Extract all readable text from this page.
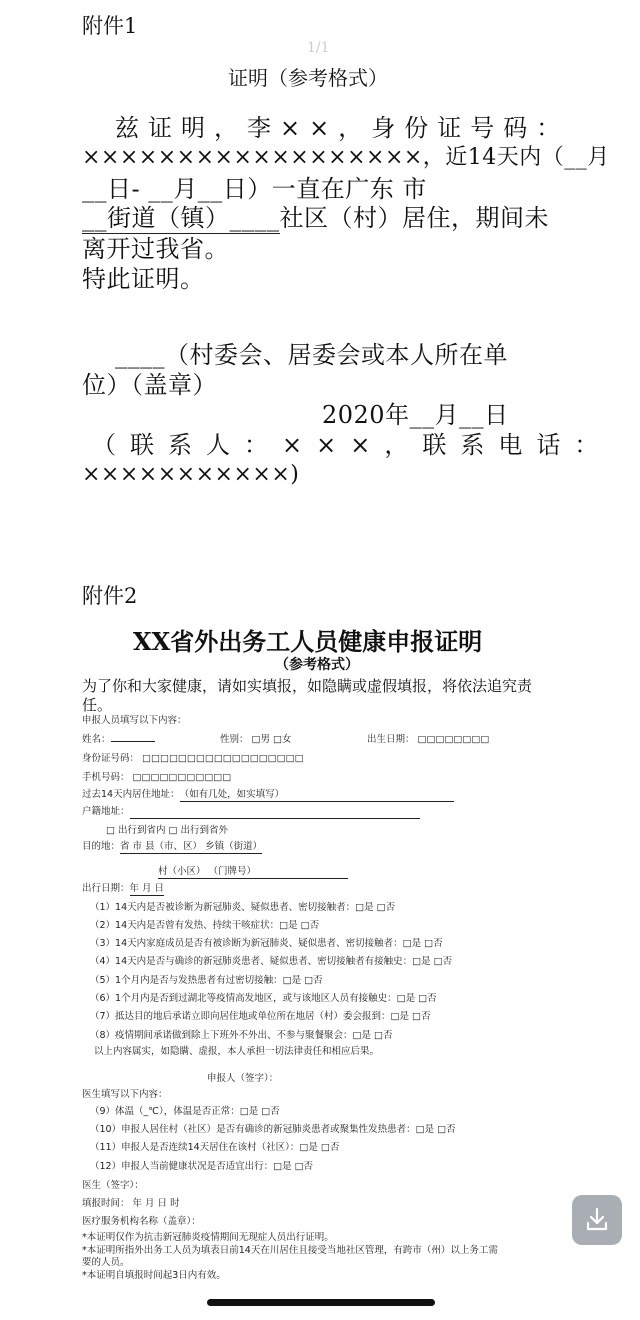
附件1
1/1
证明（参考格式）
兹证明，李××，身份证号码：
××××××××××××××××××，近14天内（__月
__日- __月__日）一直在广东 市
__街道（镇）____社区（村）居住，期间未
离开过我省。
特此证明。
____（村委会、居委会或本人所在单
位）（盖章）
2020年__月__日
（联系人：×××，联系电话：
×××××××××××)
附件2
XX省外出务工人员健康申报证明
（参考格式）
为了你和大家健康，请如实填报，如隐瞒或虚假填报，将依法追究责
任。
申报人员填写以下内容：
姓名：	性别： □男 □女	出生日期： □□□□□□□□
身份证号码： □□□□□□□□□□□□□□□□□□
手机号码： □□□□□□□□□□□
过去14天内居住地址：（如有几处，如实填写）
户籍地址：
□ 出行到省内 □ 出行到省外
目的地：省 市 县（市、区） 乡镇（街道）
村（小区） （门牌号）
出行日期：年 月 日
（1）14天内是否被诊断为新冠肺炎、疑似患者、密切接触者：□是 □否
（2）14天内是否曾有发热、持续干咳症状：□是 □否
（3）14天内家庭成员是否有被诊断为新冠肺炎、疑似患者、密切接触者：□是 □否
（4）14天内是否与确诊的新冠肺炎患者、疑似患者、密切接触者有接触史：□是 □否
（5）1个月内是否与发热患者有过密切接触：□是 □否
（6）1个月内是否到过湖北等疫情高发地区，或与该地区人员有接触史：□是 □否
（7）抵达目的地后承诺立即向居住地或单位所在地居（村）委会报到：□是 □否
（8）疫情期间承诺做到除上下班外不外出、不参与聚餐聚会：□是 □否
以上内容属实，如隐瞒、虚报，本人承担一切法律责任和相应后果。
申报人（签字）：
医生填写以下内容：
（9）体温（_℃），体温是否正常：□是 □否
（10）申报人居住村（社区）是否有确诊的新冠肺炎患者或聚集性发热患者：□是 □否
（11）申报人是否连续14天居住在该村（社区）：□是 □否
（12）申报人当前健康状况是否适宜出行：□是 □否
医生（签字）：
填报时间： 年 月 日 时
医疗服务机构名称（盖章）：
*本证明仅作为抗击新冠肺炎疫情期间无现症人员出行证明。
*本证明所指外出务工人员为填表日前14天在川居住且接受当地社区管理，有跨市（州）以上务工需
要的人员。
*本证明自填报时间起3日内有效。
